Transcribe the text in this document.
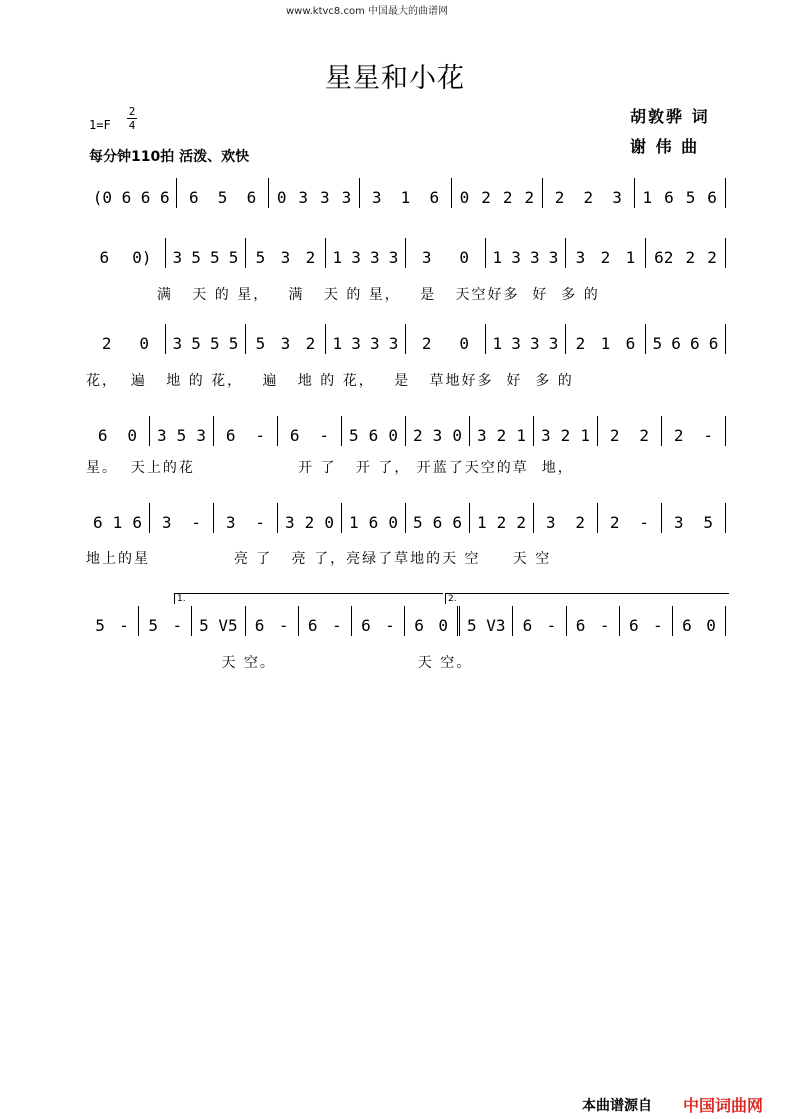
www.ktvc8.com 中国最大的曲谱网
星星和小花
1=F
2
4
每分钟110拍 活泼、欢快
胡敦骅 词
谢 伟 曲
(0 6 6 6 6 5 6 0 3 3 3 3 1 6 0 2 2 2 2 2 3 1 6 5 6
6 0) 3 5 5 5 5 3 2 1 3 3 3 3 0 1 3 3 3 3 2 1 62 2 2
2 0 3 5 5 5 5 3 2 1 3 3 3 2 0 1 3 3 3 2 1 6 5 6 6 6
6 0 3 5 3 6 - 6 - 5 6 0 2 3 0 3 2 1 3 2 1 2 2 2 -
6 1 6 3 - 3 - 3 2 0 1 6 0 5 6 6 1 2 2 3 2 2 - 3 5
5 - 5 - 5 V5 6 - 6 - 6 - 6 0 5 V3 6 - 6 - 6 - 6 0
满   天 的 星，   满   天 的 星，   是   天空好多  好  多 的
花，  遍   地 的 花，   遍   地 的 花，   是   草地好多  好  多 的
星。  天上的花                开 了   开 了， 开蓝了天空的草  地，
地上的星             亮 了   亮 了，亮绿了草地的天 空     天 空
天 空。                      天 空。
1.	2.
本曲谱源自 中国词曲网
